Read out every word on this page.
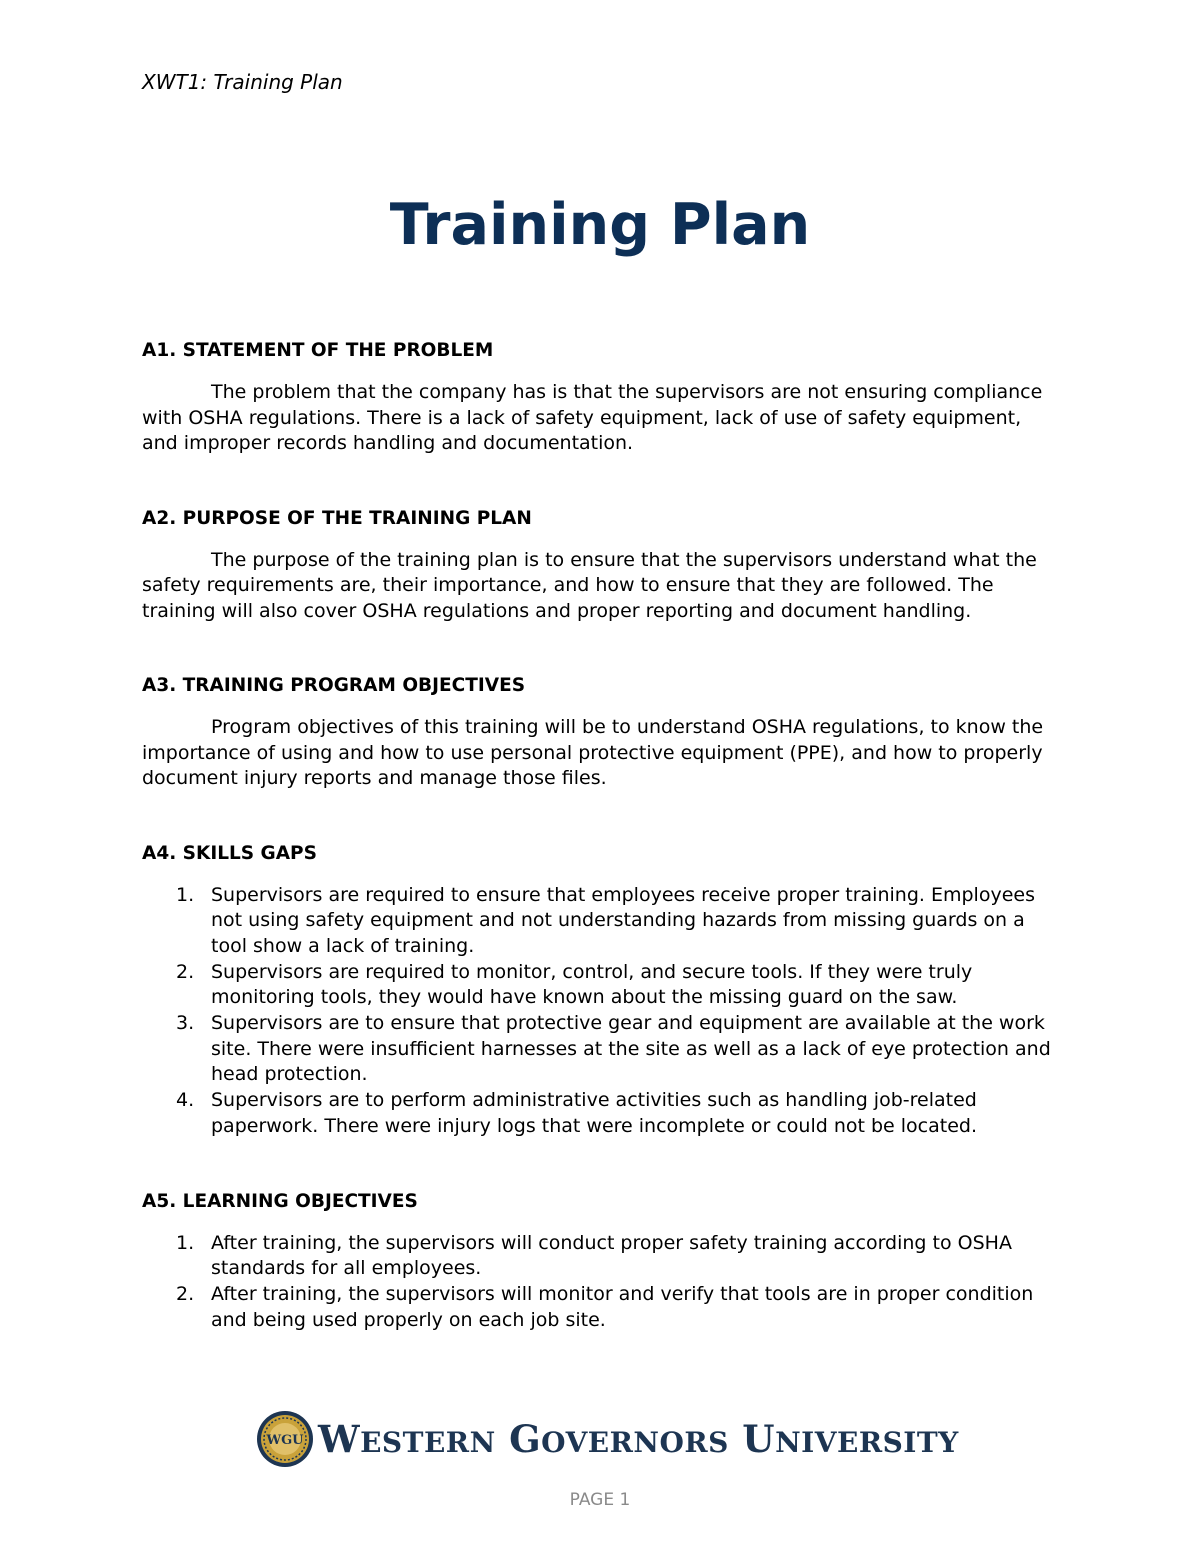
XWT1: Training Plan
Training Plan
A1. STATEMENT OF THE PROBLEM

The problem that the company has is that the supervisors are not ensuring compliance with OSHA regulations. There is a lack of safety equipment, lack of use of safety equipment, and improper records handling and documentation.

A2. PURPOSE OF THE TRAINING PLAN

The purpose of the training plan is to ensure that the supervisors understand what the safety requirements are, their importance, and how to ensure that they are followed. The training will also cover OSHA regulations and proper reporting and document handling.

A3. TRAINING PROGRAM OBJECTIVES

Program objectives of this training will be to understand OSHA regulations, to know the importance of using and how to use personal protective equipment (PPE), and how to properly document injury reports and manage those files.

A4. SKILLS GAPS
1. Supervisors are required to ensure that employees receive proper training. Employees not using safety equipment and not understanding hazards from missing guards on a tool show a lack of training.
2. Supervisors are required to monitor, control, and secure tools. If they were truly monitoring tools, they would have known about the missing guard on the saw.
3. Supervisors are to ensure that protective gear and equipment are available at the work site. There were insufficient harnesses at the site as well as a lack of eye protection and head protection.
4. Supervisors are to perform administrative activities such as handling job-related paperwork. There were injury logs that were incomplete or could not be located.
A5. LEARNING OBJECTIVES
1. After training, the supervisors will conduct proper safety training according to OSHA standards for all employees.
2. After training, the supervisors will monitor and verify that tools are in proper condition and being used properly on each job site.
WGU WESTERN GOVERNORS UNIVERSITY
PAGE 1
